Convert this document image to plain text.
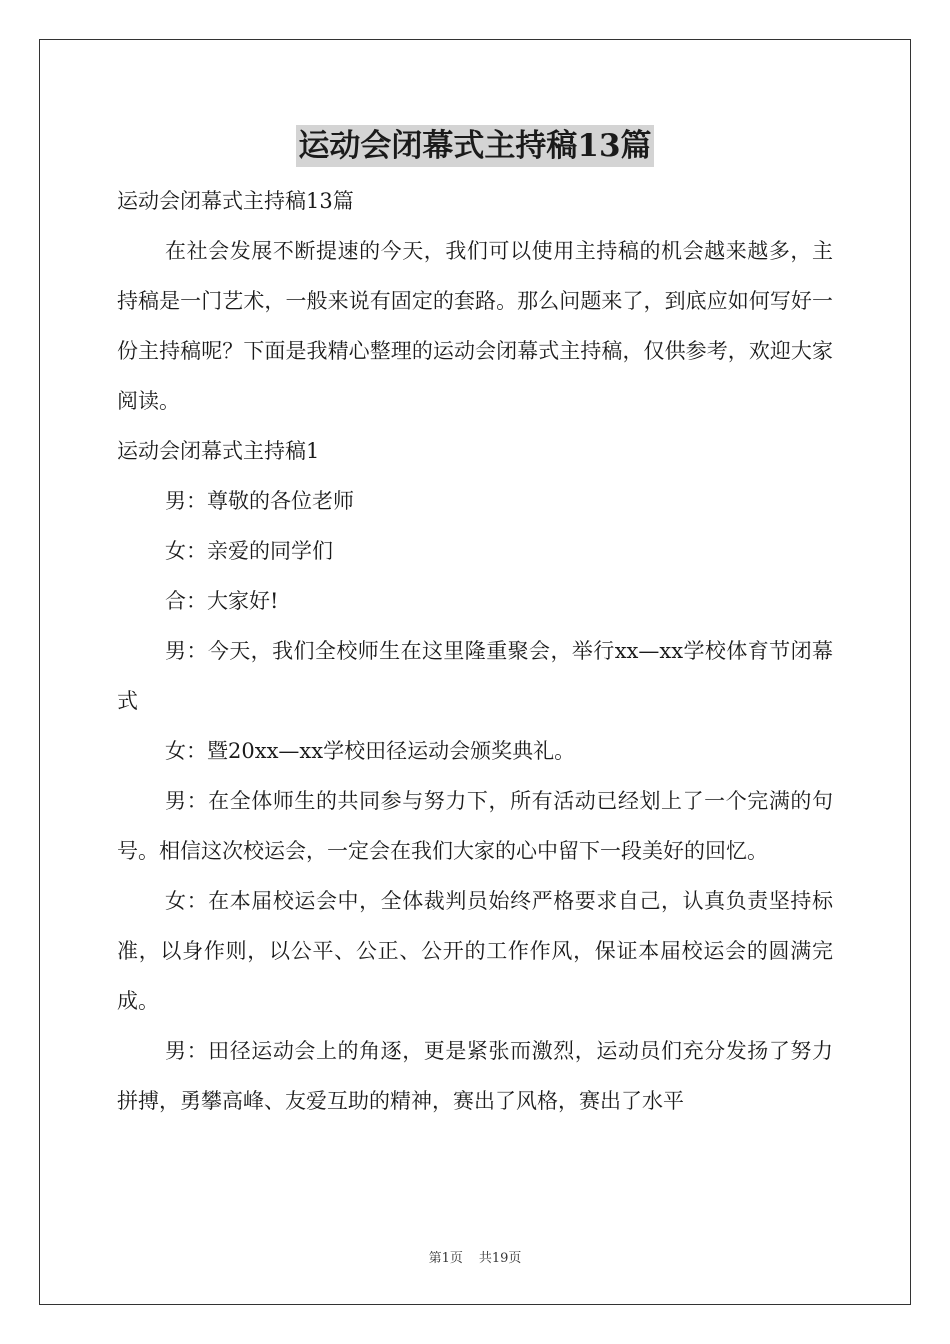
运动会闭幕式主持稿13篇

运动会闭幕式主持稿13篇

在社会发展不断提速的今天，我们可以使用主持稿的机会越来越多，主持稿是一门艺术，一般来说有固定的套路。那么问题来了，到底应如何写好一份主持稿呢？下面是我精心整理的运动会闭幕式主持稿，仅供参考，欢迎大家阅读。

运动会闭幕式主持稿1

男：尊敬的各位老师

女：亲爱的同学们

合：大家好!

男：今天，我们全校师生在这里隆重聚会，举行xx—xx学校体育节闭幕式

女：暨20xx—xx学校田径运动会颁奖典礼。

男：在全体师生的共同参与努力下，所有活动已经划上了一个完满的句号。相信这次校运会，一定会在我们大家的心中留下一段美好的回忆。

女：在本届校运会中，全体裁判员始终严格要求自己，认真负责坚持标准，以身作则，以公平、公正、公开的工作作风，保证本届校运会的圆满完成。

男：田径运动会上的角逐，更是紧张而激烈，运动员们充分发扬了努力拼搏，勇攀高峰、友爱互助的精神，赛出了风格，赛出了水平

第1页 共19页
